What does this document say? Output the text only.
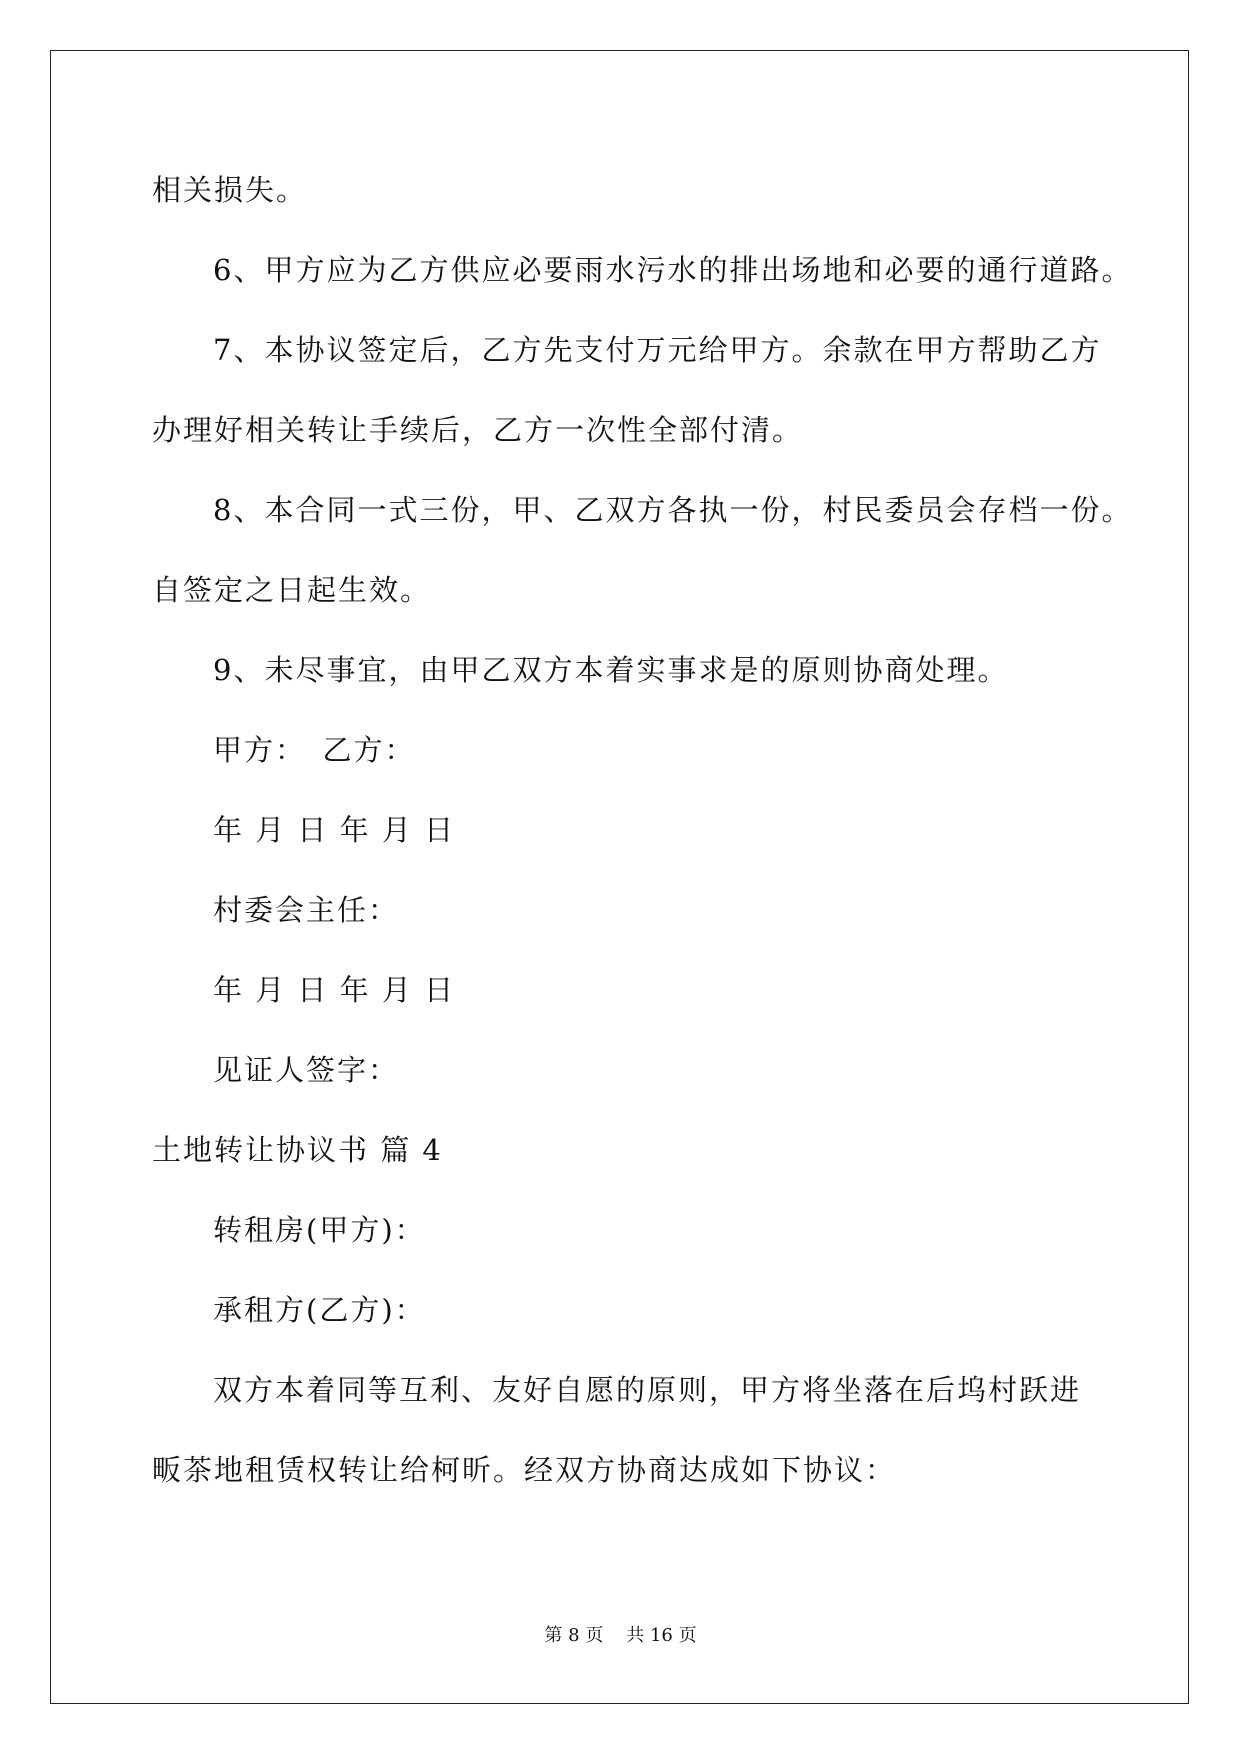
相关损失。
6、甲方应为乙方供应必要雨水污水的排出场地和必要的通行道路。
7、本协议签定后，乙方先支付万元给甲方。余款在甲方帮助乙方
办理好相关转让手续后，乙方一次性全部付清。
8、本合同一式三份，甲、乙双方各执一份，村民委员会存档一份。
自签定之日起生效。
9、未尽事宜，由甲乙双方本着实事求是的原则协商处理。
甲方：　乙方：
年 月 日 年 月 日
村委会主任：
年 月 日 年 月 日
见证人签字：
土地转让协议书 篇 4
转租房(甲方)：
承租方(乙方)：
双方本着同等互利、友好自愿的原则，甲方将坐落在后坞村跃进
畈茶地租赁权转让给柯昕。经双方协商达成如下协议：
第 8 页 共 16 页
